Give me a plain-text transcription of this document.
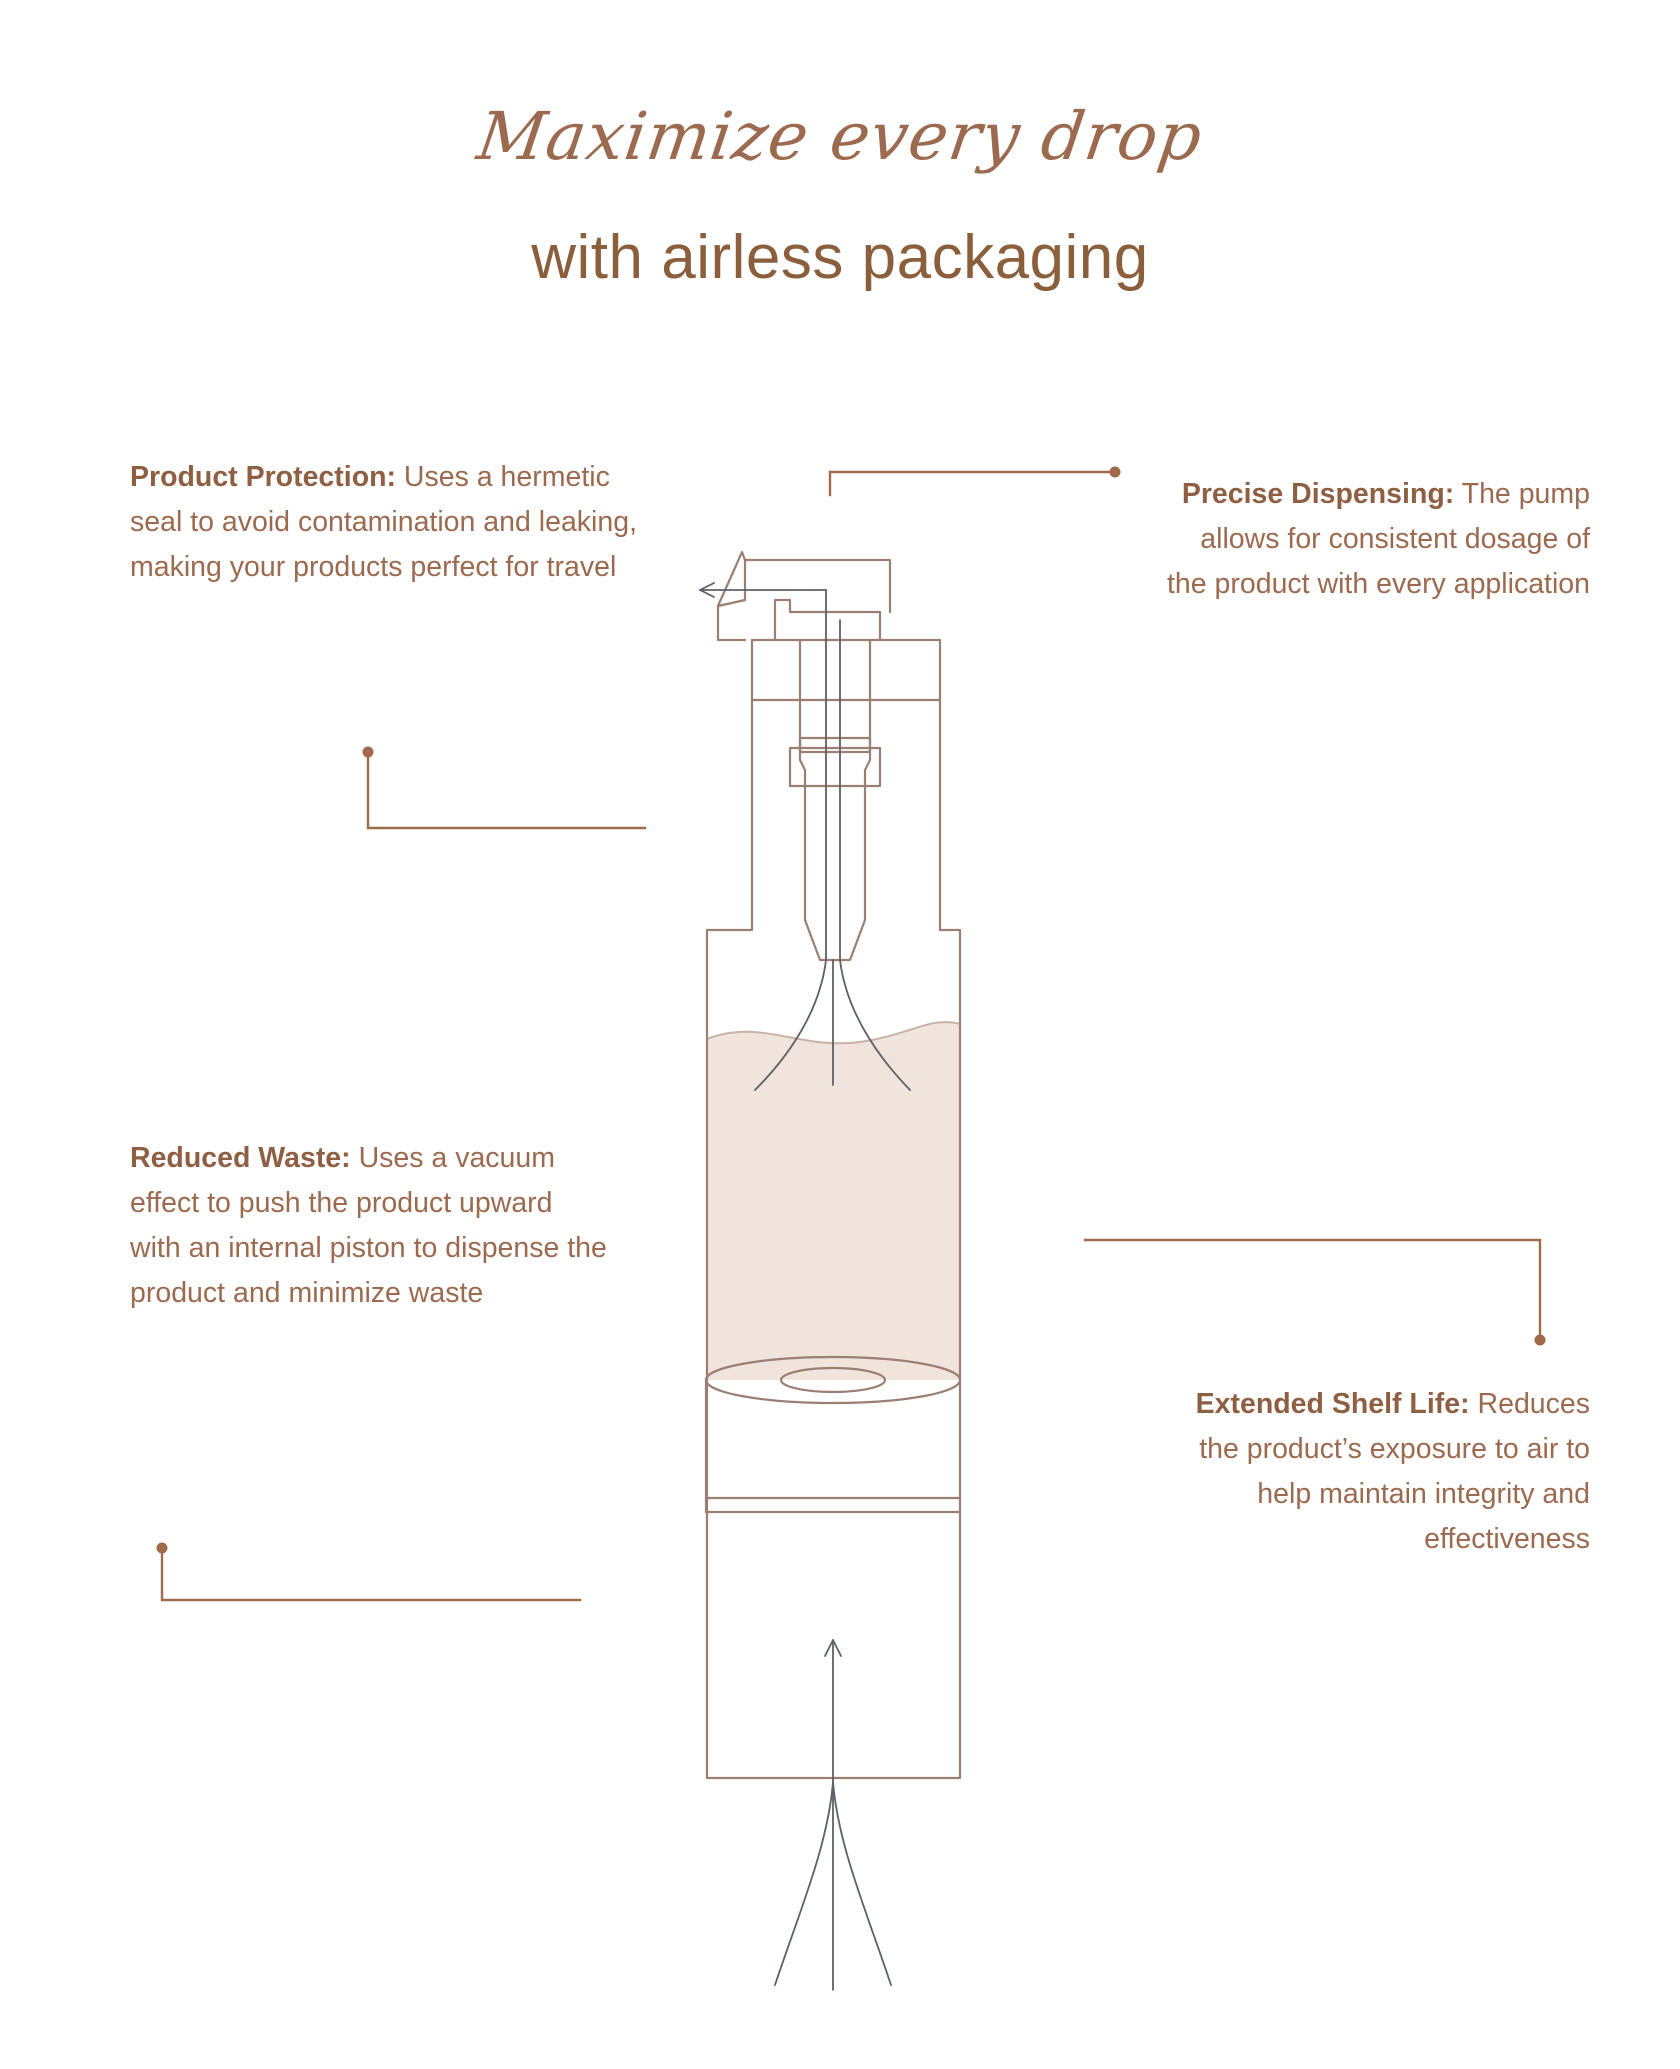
Maximize every drop
with airless packaging
Product Protection: Uses a hermetic seal to avoid contamination and leaking, making your products perfect for travel
Reduced Waste: Uses a vacuum effect to push the product upward with an internal piston to dispense the product and minimize waste
Precise Dispensing: The pump allows for consistent dosage of the product with every application
Extended Shelf Life: Reduces the product’s exposure to air to help maintain integrity and effectiveness
